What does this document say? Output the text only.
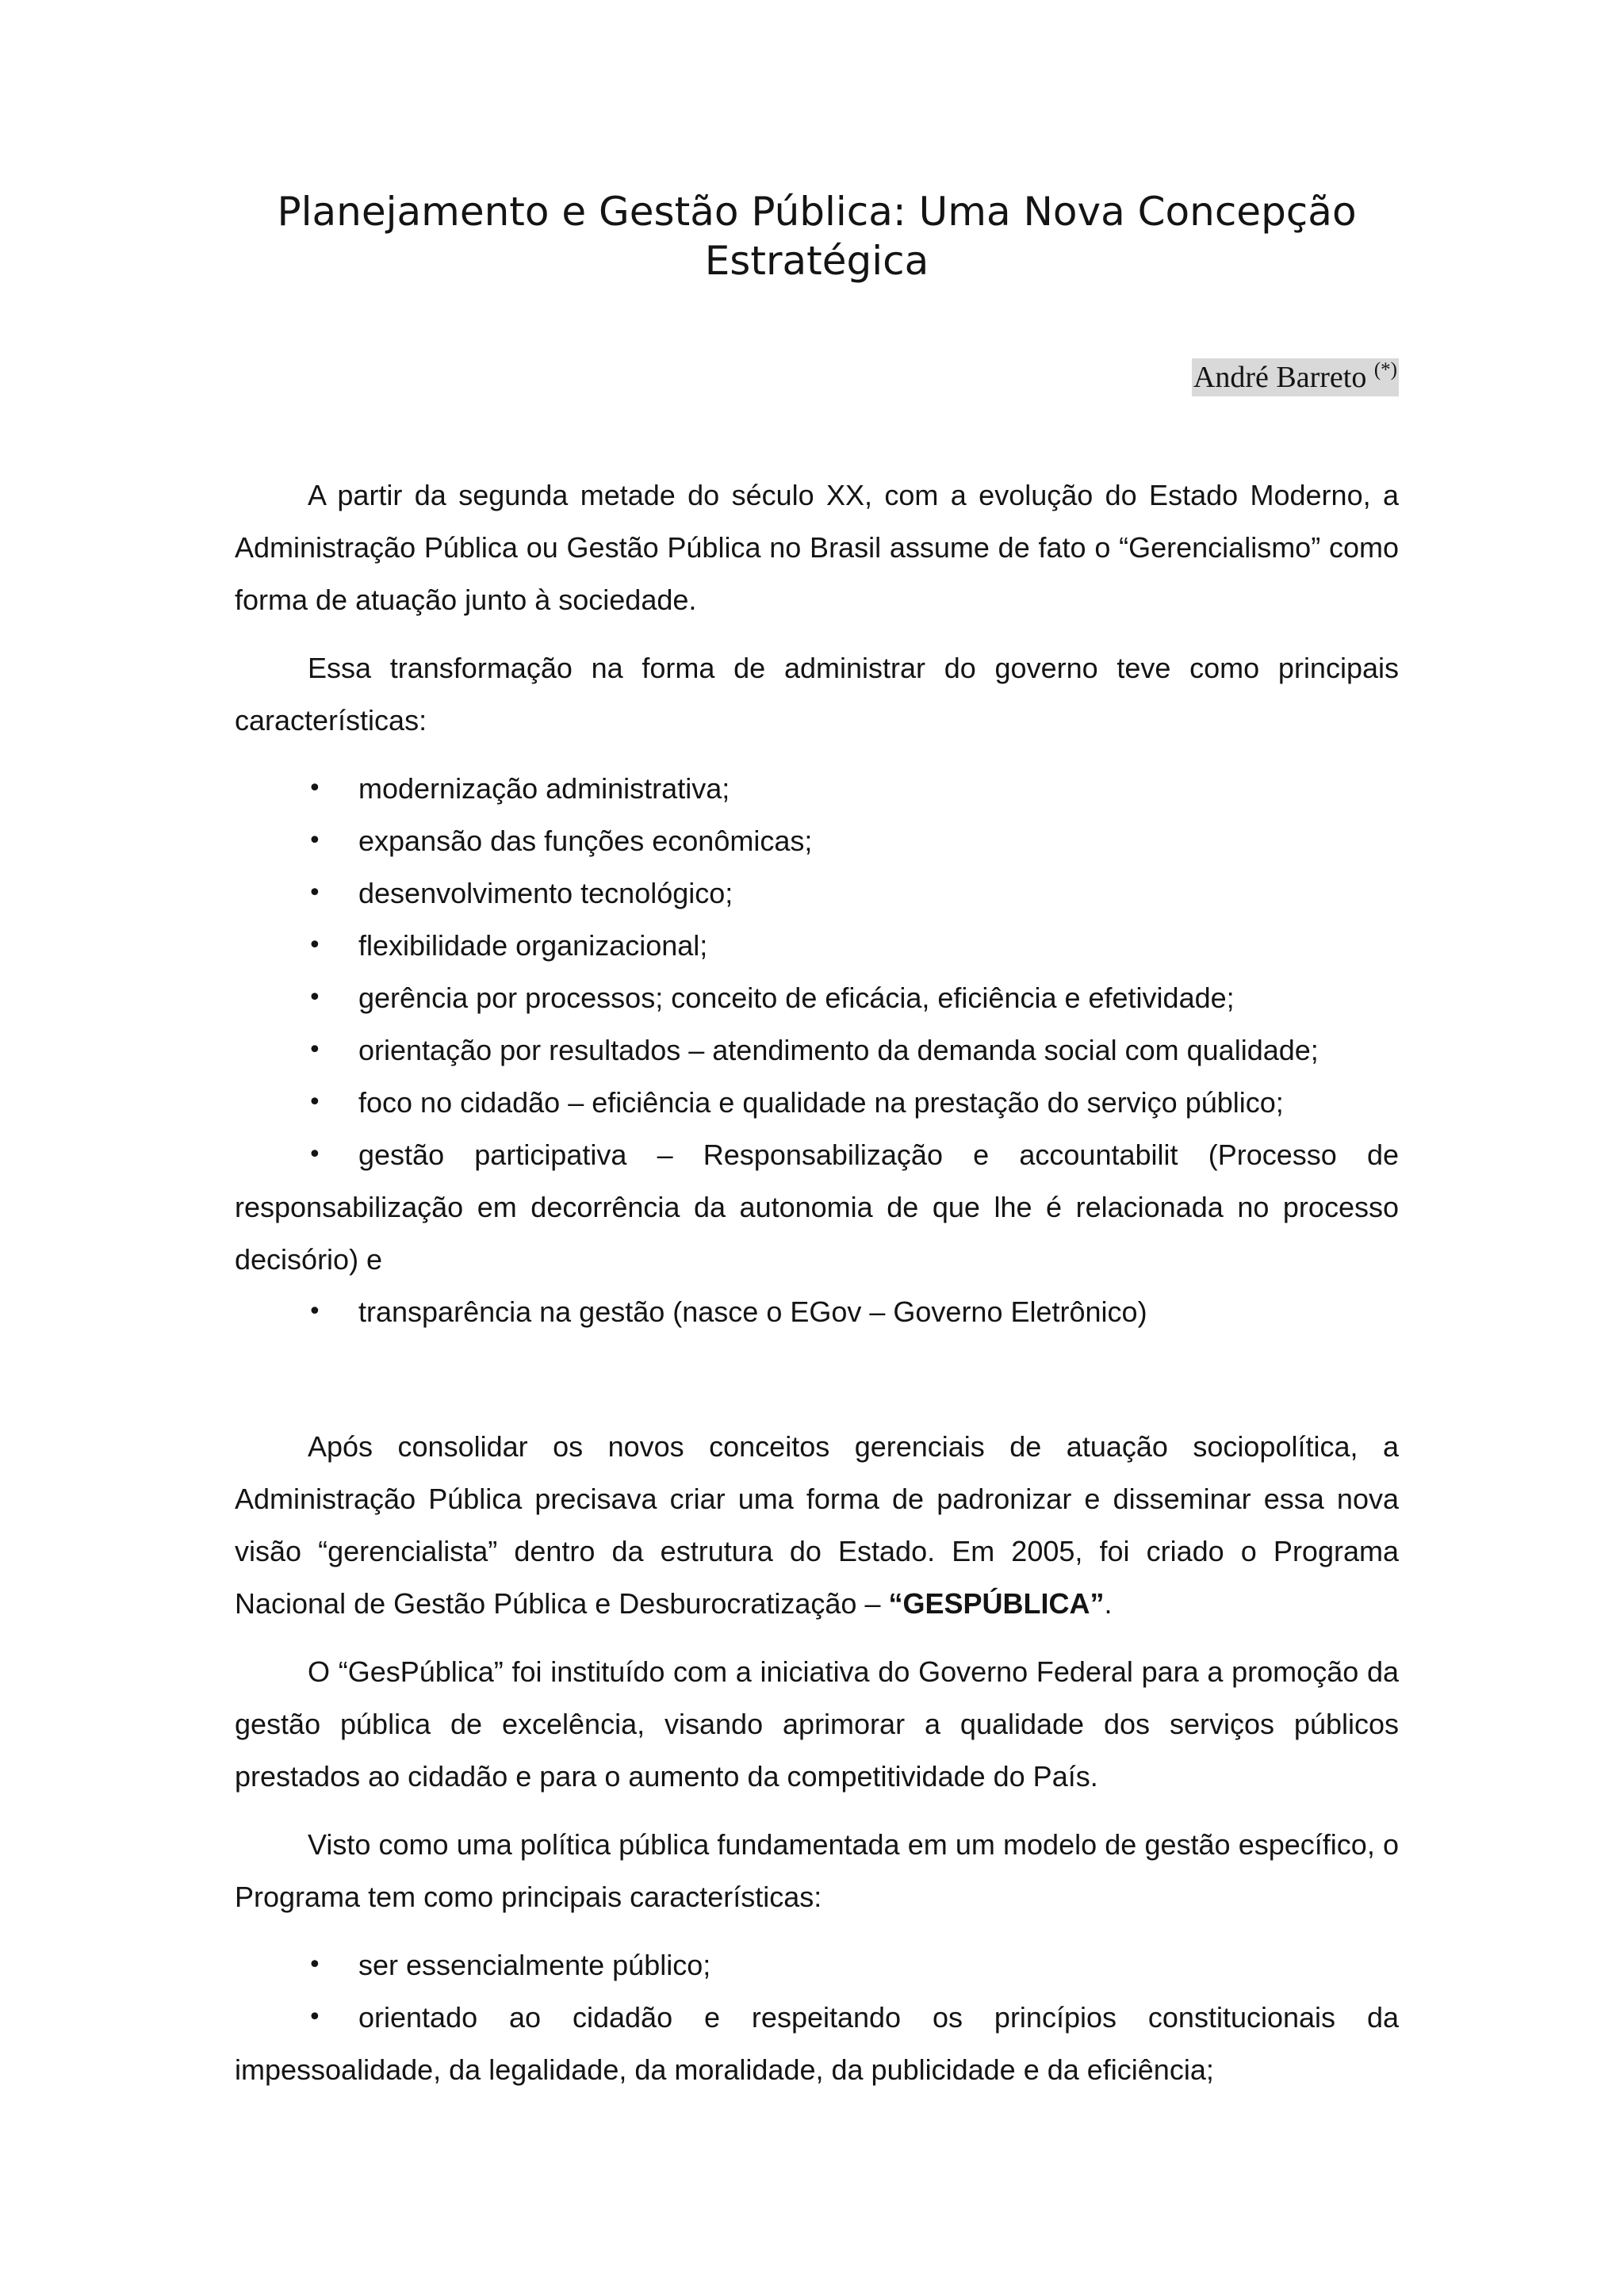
Planejamento e Gestão Pública: Uma Nova Concepção Estratégica
André Barreto (*)

A partir da segunda metade do século XX, com a evolução do Estado Moderno, a Administração Pública ou Gestão Pública no Brasil assume de fato o “Gerencialismo” como forma de atuação junto à sociedade.

Essa transformação na forma de administrar do governo teve como principais características:

• modernização administrativa;

• expansão das funções econômicas;

• desenvolvimento tecnológico;

• flexibilidade organizacional;

• gerência por processos; conceito de eficácia, eficiência e efetividade;

• orientação por resultados – atendimento da demanda social com qualidade;

• foco no cidadão – eficiência e qualidade na prestação do serviço público;

• gestão participativa – Responsabilização e accountabilit (Processo de responsabilização em decorrência da autonomia de que lhe é relacionada no processo decisório) e

• transparência na gestão (nasce o EGov – Governo Eletrônico)

Após consolidar os novos conceitos gerenciais de atuação sociopolítica, a Administração Pública precisava criar uma forma de padronizar e disseminar essa nova visão “gerencialista” dentro da estrutura do Estado. Em 2005, foi criado o Programa Nacional de Gestão Pública e Desburocratização – “GESPÚBLICA”.

O “GesPública” foi instituído com a iniciativa do Governo Federal para a promoção da gestão pública de excelência, visando aprimorar a qualidade dos serviços públicos prestados ao cidadão e para o aumento da competitividade do País.

Visto como uma política pública fundamentada em um modelo de gestão específico, o Programa tem como principais características:

• ser essencialmente público;

• orientado ao cidadão e respeitando os princípios constitucionais da impessoalidade, da legalidade, da moralidade, da publicidade e da eficiência;
